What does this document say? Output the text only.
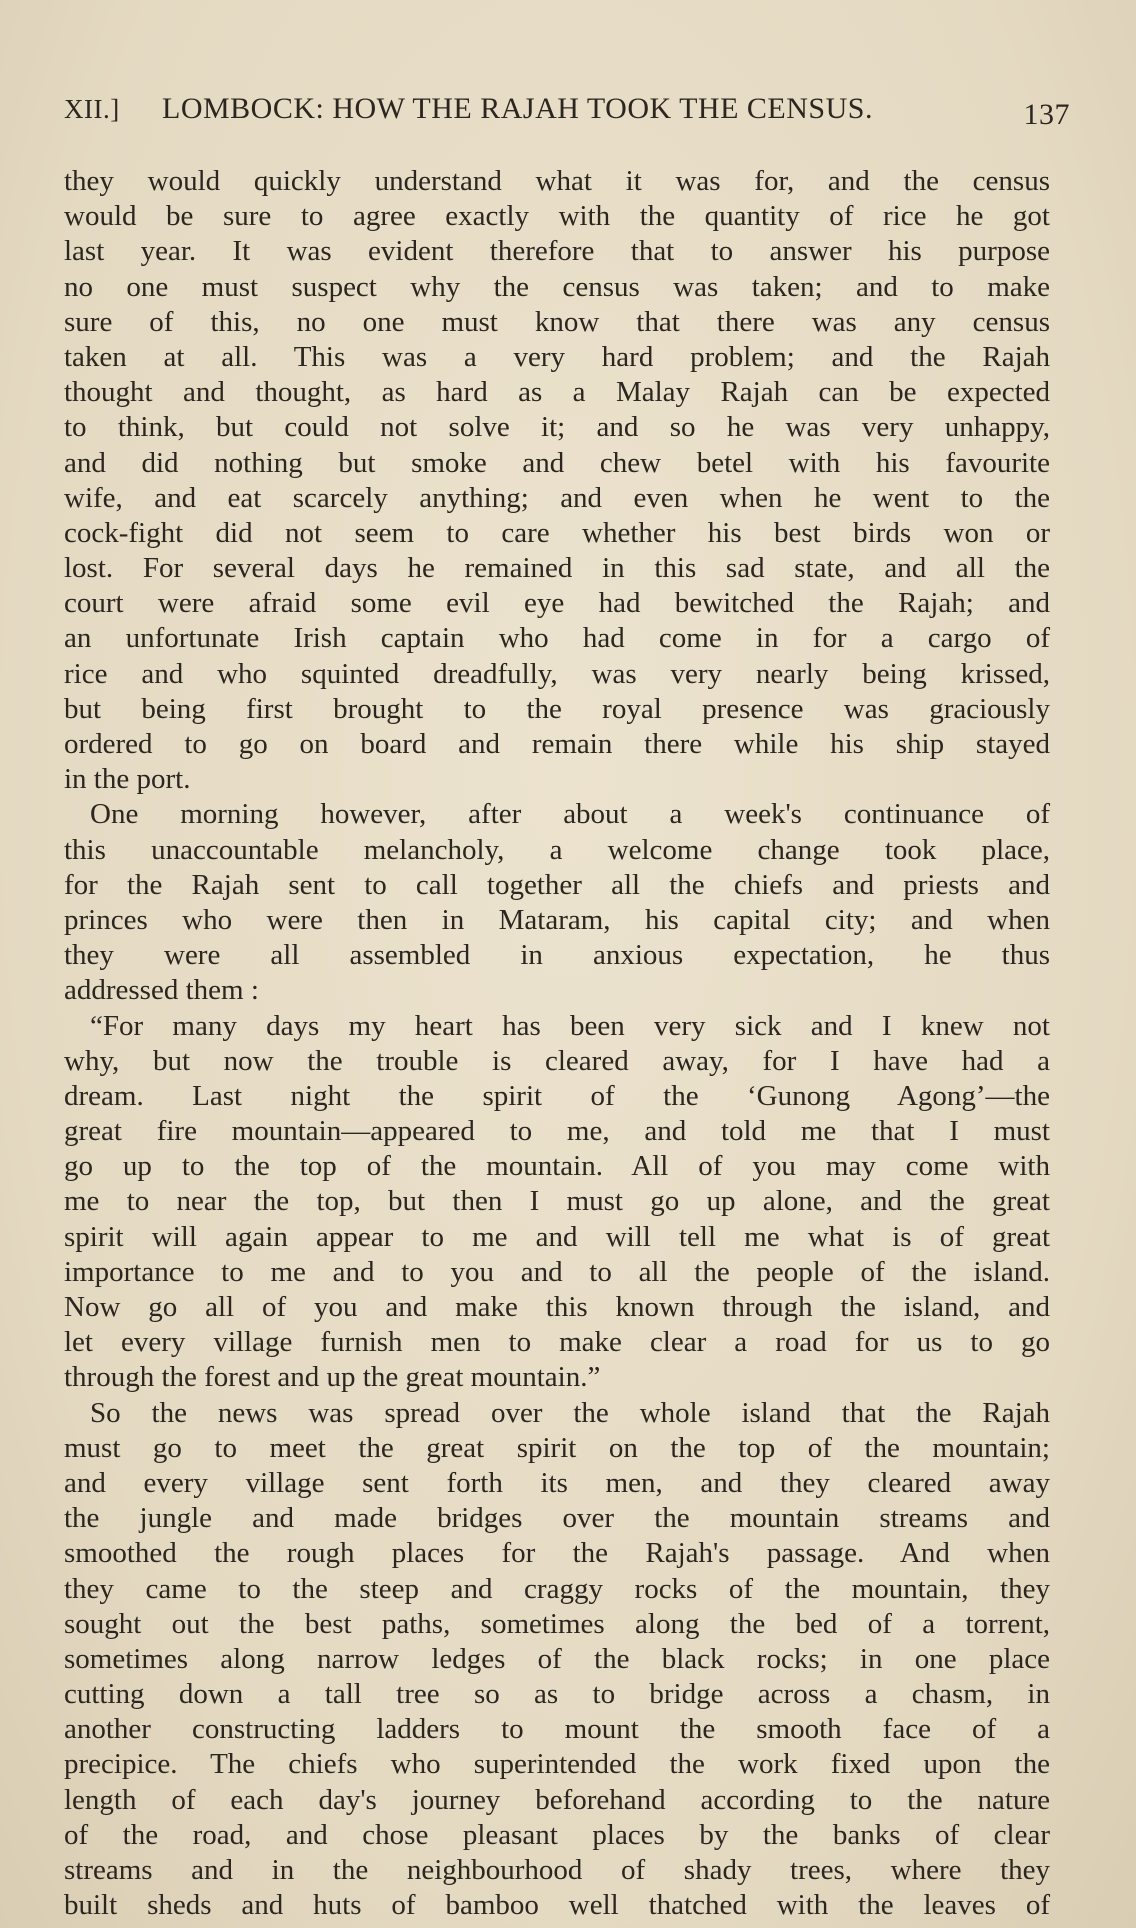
XII.] LOMBOCK: HOW THE RAJAH TOOK THE CENSUS.	137
they would quickly understand what it was for, and the census
would be sure to agree exactly with the quantity of rice he got
last year. It was evident therefore that to answer his purpose
no one must suspect why the census was taken; and to make
sure of this, no one must know that there was any census
taken at all. This was a very hard problem; and the Rajah
thought and thought, as hard as a Malay Rajah can be expected
to think, but could not solve it; and so he was very unhappy,
and did nothing but smoke and chew betel with his favourite
wife, and eat scarcely anything; and even when he went to the
cock-fight did not seem to care whether his best birds won or
lost. For several days he remained in this sad state, and all the
court were afraid some evil eye had bewitched the Rajah; and
an unfortunate Irish captain who had come in for a cargo of
rice and who squinted dreadfully, was very nearly being krissed,
but being first brought to the royal presence was graciously
ordered to go on board and remain there while his ship stayed
in the port.
One morning however, after about a week's continuance of
this unaccountable melancholy, a welcome change took place,
for the Rajah sent to call together all the chiefs and priests and
princes who were then in Mataram, his capital city; and when
they were all assembled in anxious expectation, he thus
addressed them :
“For many days my heart has been very sick and I knew not
why, but now the trouble is cleared away, for I have had a
dream. Last night the spirit of the ‘Gunong Agong’—the
great fire mountain—appeared to me, and told me that I must
go up to the top of the mountain. All of you may come with
me to near the top, but then I must go up alone, and the great
spirit will again appear to me and will tell me what is of great
importance to me and to you and to all the people of the island.
Now go all of you and make this known through the island, and
let every village furnish men to make clear a road for us to go
through the forest and up the great mountain.”
So the news was spread over the whole island that the Rajah
must go to meet the great spirit on the top of the mountain;
and every village sent forth its men, and they cleared away
the jungle and made bridges over the mountain streams and
smoothed the rough places for the Rajah's passage. And when
they came to the steep and craggy rocks of the mountain, they
sought out the best paths, sometimes along the bed of a torrent,
sometimes along narrow ledges of the black rocks; in one place
cutting down a tall tree so as to bridge across a chasm, in
another constructing ladders to mount the smooth face of a
precipice. The chiefs who superintended the work fixed upon the
length of each day's journey beforehand according to the nature
of the road, and chose pleasant places by the banks of clear
streams and in the neighbourhood of shady trees, where they
built sheds and huts of bamboo well thatched with the leaves of
